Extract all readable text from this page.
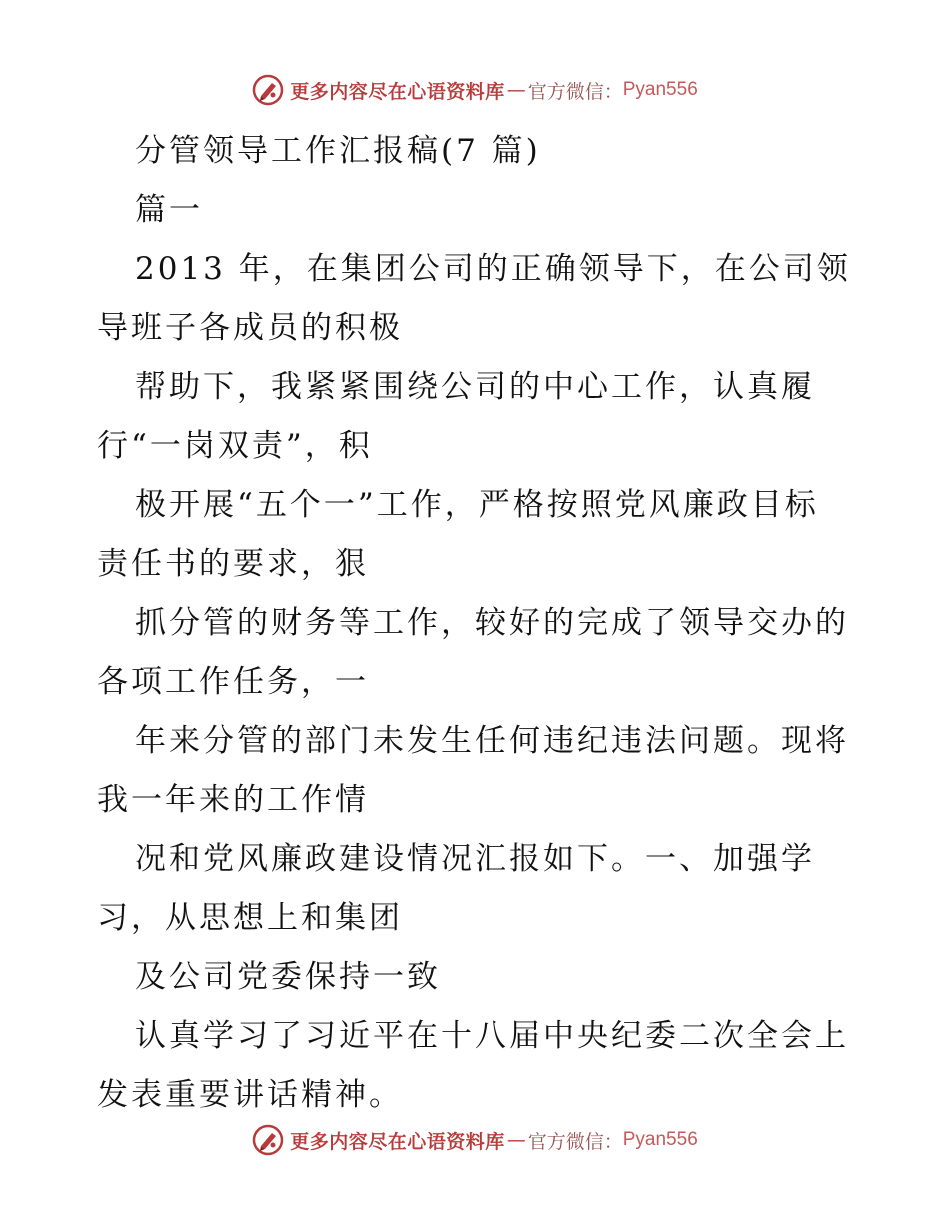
更多内容尽在心语资料库 — 官方微信： Pyan556
分管领导工作汇报稿(7 篇)
篇一
2013 年，在集团公司的正确领导下，在公司领
导班子各成员的积极
帮助下，我紧紧围绕公司的中心工作，认真履
行“一岗双责”，积
极开展“五个一”工作，严格按照党风廉政目标
责任书的要求，狠
抓分管的财务等工作，较好的完成了领导交办的
各项工作任务，一
年来分管的部门未发生任何违纪违法问题。现将
我一年来的工作情
况和党风廉政建设情况汇报如下。一、加强学
习，从思想上和集团
及公司党委保持一致
认真学习了习近平在十八届中央纪委二次全会上
发表重要讲话精神。
更多内容尽在心语资料库 — 官方微信： Pyan556
